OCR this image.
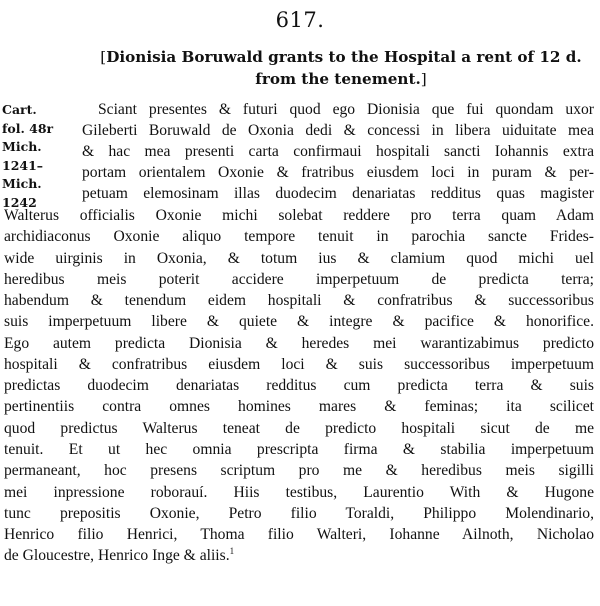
617.
[Dionisia Boruwald grants to the Hospital a rent of 12 d.
from the tenement.]
Cart.
fol. 48r
Mich.
1241–
Mich.
1242
Sciant presentes & futuri quod ego Dionisia que fui quondam uxor
Gileberti Boruwald de Oxonia dedi & concessi in libera uiduitate mea
& hac mea presenti carta confirmaui hospitali sancti Iohannis extra
portam orientalem Oxonie & fratribus eiusdem loci in puram & per-
petuam elemosinam illas duodecim denariatas redditus quas magister
Walterus officialis Oxonie michi solebat reddere pro terra quam Adam
archidiaconus Oxonie aliquo tempore tenuit in parochia sancte Frides-
wide uirginis in Oxonia, & totum ius & clamium quod michi uel
heredibus meis poterit accidere imperpetuum de predicta terra;
habendum & tenendum eidem hospitali & confratribus & successoribus
suis imperpetuum libere & quiete & integre & pacifice & honorifice.
Ego autem predicta Dionisia & heredes mei warantizabimus predicto
hospitali & confratribus eiusdem loci & suis successoribus imperpetuum
predictas duodecim denariatas redditus cum predicta terra & suis
pertinentiis contra omnes homines mares & feminas; ita scilicet
quod predictus Walterus teneat de predicto hospitali sicut de me
tenuit. Et ut hec omnia prescripta firma & stabilia imperpetuum
permaneant, hoc presens scriptum pro me & heredibus meis sigilli
mei inpressione roborauí. Hiis testibus, Laurentio With & Hugone
tunc prepositis Oxonie, Petro filio Toraldi, Philippo Molendinario,
Henrico filio Henrici, Thoma filio Walteri, Iohanne Ailnoth, Nicholao
de Gloucestre, Henrico Inge & aliis.$^1$
